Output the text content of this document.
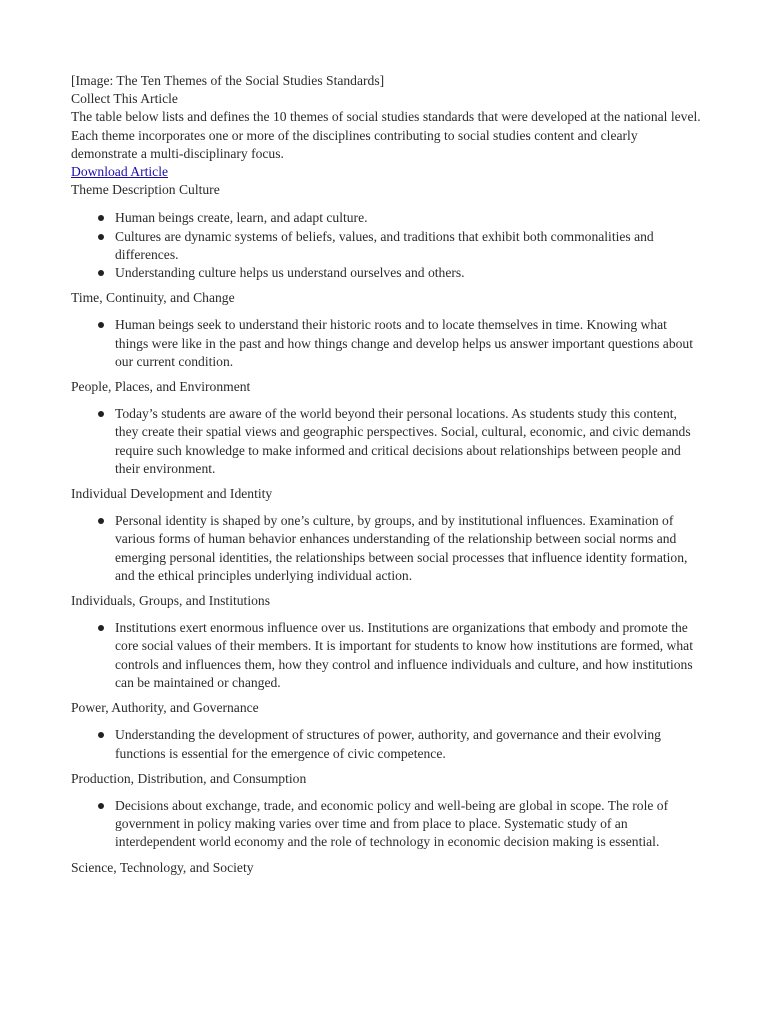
[Image: The Ten Themes of the Social Studies Standards]

Collect This Article

The table below lists and defines the 10 themes of social studies standards that were developed at the national level. Each theme incorporates one or more of the disciplines contributing to social studies content and clearly demonstrate a multi-disciplinary focus.

Download Article

Theme Description Culture

Human beings create, learn, and adapt culture.
Cultures are dynamic systems of beliefs, values, and traditions that exhibit both commonalities and differences.
Understanding culture helps us understand ourselves and others.

Time, Continuity, and Change

Human beings seek to understand their historic roots and to locate themselves in time. Knowing what things were like in the past and how things change and develop helps us answer important questions about our current condition.

People, Places, and Environment

Today’s students are aware of the world beyond their personal locations. As students study this content, they create their spatial views and geographic perspectives. Social, cultural, economic, and civic demands require such knowledge to make informed and critical decisions about relationships between people and their environment.

Individual Development and Identity

Personal identity is shaped by one’s culture, by groups, and by institutional influences. Examination of various forms of human behavior enhances understanding of the relationship between social norms and emerging personal identities, the relationships between social processes that influence identity formation, and the ethical principles underlying individual action.

Individuals, Groups, and Institutions

Institutions exert enormous influence over us. Institutions are organizations that embody and promote the core social values of their members. It is important for students to know how institutions are formed, what controls and influences them, how they control and influence individuals and culture, and how institutions can be maintained or changed.

Power, Authority, and Governance

Understanding the development of structures of power, authority, and governance and their evolving functions is essential for the emergence of civic competence.

Production, Distribution, and Consumption

Decisions about exchange, trade, and economic policy and well-being are global in scope. The role of government in policy making varies over time and from place to place. Systematic study of an interdependent world economy and the role of technology in economic decision making is essential.

Science, Technology, and Society
